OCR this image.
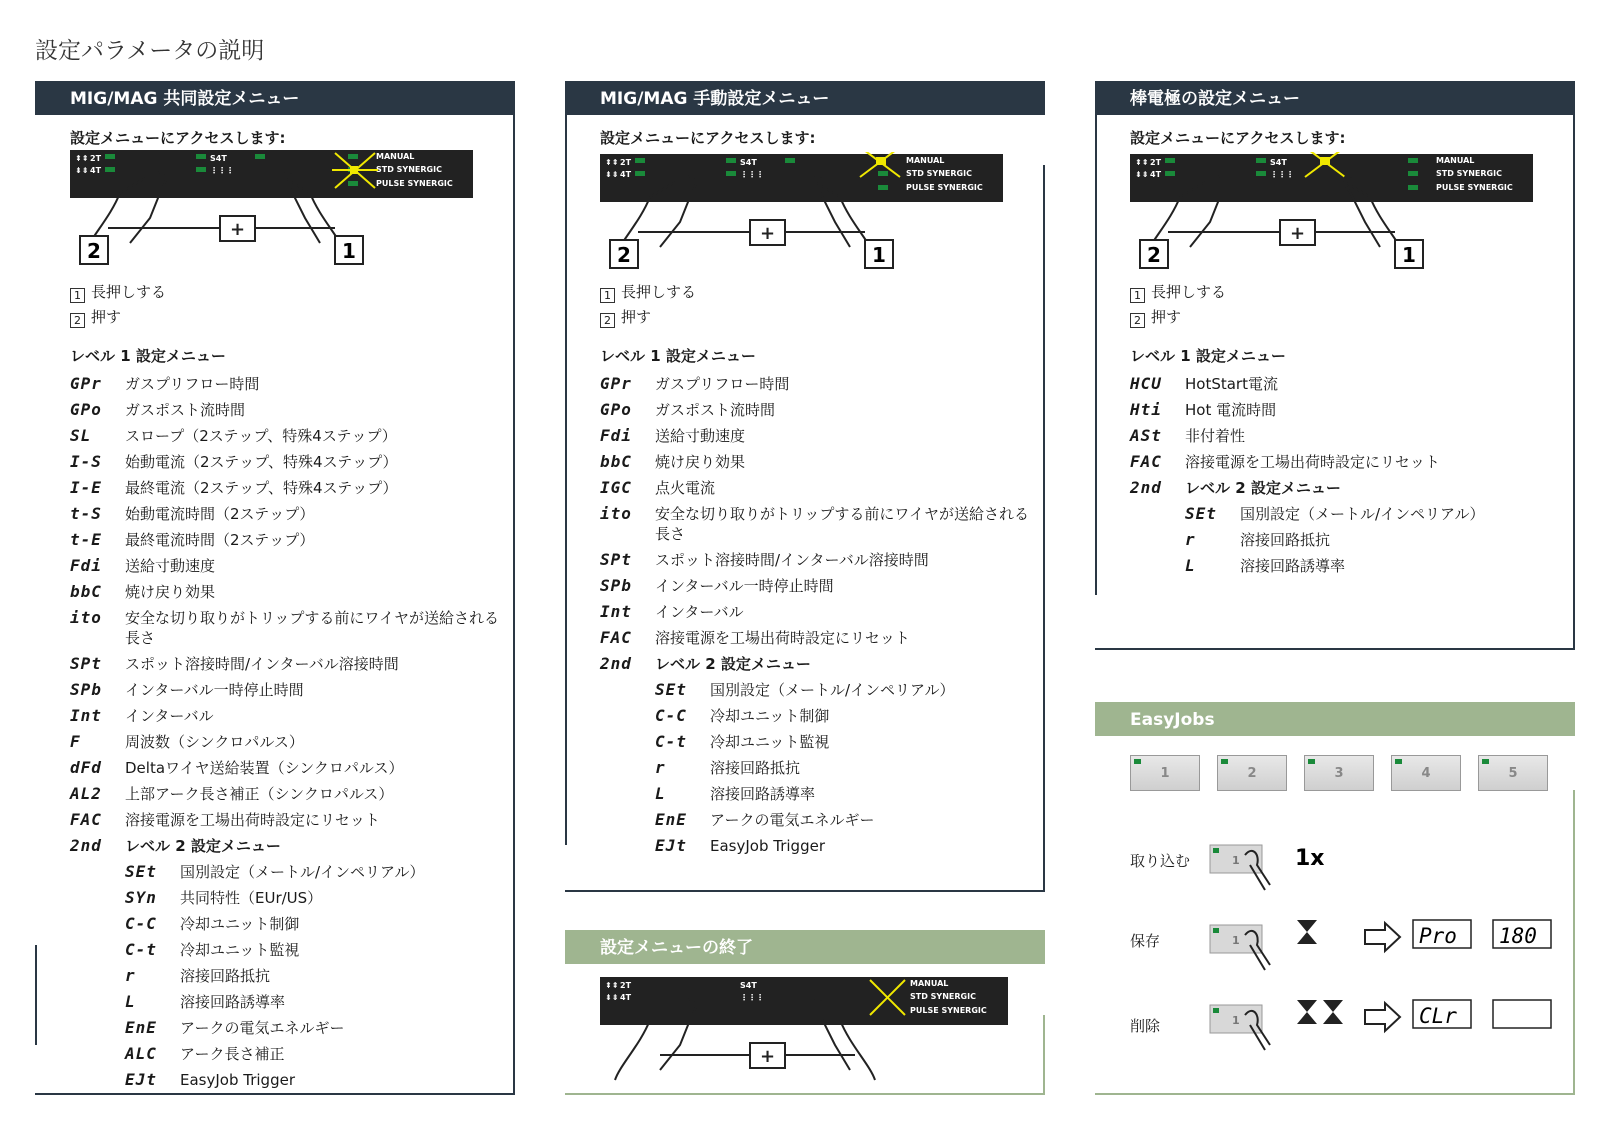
設定パラメータの説明
MIG/MAG 共同設定メニュー
設定メニューにアクセスします:
⇞⇞ 2T
⇟⇟ 4T
S4T
⋮⋮⋮
MANUAL
STD SYNERGIC
PULSE SYNERGIC
+
2	1
1 長押しする
2 押す
レベル 1 設定メニュー
GPr	ガスプリフロー時間
GPo	ガスポスト流時間
SL	スロープ（2ステップ、特殊4ステップ）
I-S	始動電流（2ステップ、特殊4ステップ）
I-E	最終電流（2ステップ、特殊4ステップ）
t-S	始動電流時間（2ステップ）
t-E	最終電流時間（2ステップ）
Fdi	送給寸動速度
bbC	焼け戻り効果
ito	安全な切り取りがトリップする前にワイヤが送給される長さ
SPt	スポット溶接時間/インターバル溶接時間
SPb	インターバル一時停止時間
Int	インターバル
F	周波数（シンクロパルス）
dFd	Deltaワイヤ送給装置（シンクロパルス）
AL2	上部アーク長さ補正（シンクロパルス）
FAC	溶接電源を工場出荷時設定にリセット
2nd	レベル 2 設定メニュー
SEt	国別設定（メートル/インペリアル）
SYn	共同特性（EUr/US）
C-C	冷却ユニット制御
C-t	冷却ユニット監視
r	溶接回路抵抗
L	溶接回路誘導率
EnE	アークの電気エネルギー
ALC	アーク長さ補正
EJt	EasyJob Trigger
MIG/MAG 手動設定メニュー
設定メニューにアクセスします:
⇞⇞ 2T
⇟⇟ 4T
S4T
⋮⋮⋮
MANUAL
STD SYNERGIC
PULSE SYNERGIC
+
2	1
1 長押しする
2 押す
レベル 1 設定メニュー
GPr	ガスプリフロー時間
GPo	ガスポスト流時間
Fdi	送給寸動速度
bbC	焼け戻り効果
IGC	点火電流
ito	安全な切り取りがトリップする前にワイヤが送給される長さ
SPt	スポット溶接時間/インターバル溶接時間
SPb	インターバル一時停止時間
Int	インターバル
FAC	溶接電源を工場出荷時設定にリセット
2nd	レベル 2 設定メニュー
SEt	国別設定（メートル/インペリアル）
C-C	冷却ユニット制御
C-t	冷却ユニット監視
r	溶接回路抵抗
L	溶接回路誘導率
EnE	アークの電気エネルギー
EJt	EasyJob Trigger
設定メニューの終了
⇞⇞ 2T
⇟⇟ 4T
S4T
⋮⋮⋮
MANUAL
STD SYNERGIC
PULSE SYNERGIC
+
棒電極の設定メニュー
設定メニューにアクセスします:
⇞⇞ 2T
⇟⇟ 4T
S4T
⋮⋮⋮
MANUAL
STD SYNERGIC
PULSE SYNERGIC
+
2	1
1 長押しする
2 押す
レベル 1 設定メニュー
HCU	HotStart電流
Hti	Hot 電流時間
ASt	非付着性
FAC	溶接電源を工場出荷時設定にリセット
2nd	レベル 2 設定メニュー
SEt	国別設定（メートル/インペリアル）
r	溶接回路抵抗
L	溶接回路誘導率
EasyJobs
1	2	3	4	5
取り込む
保存
削除
1	1x
1	Pro 180
1	CLr
